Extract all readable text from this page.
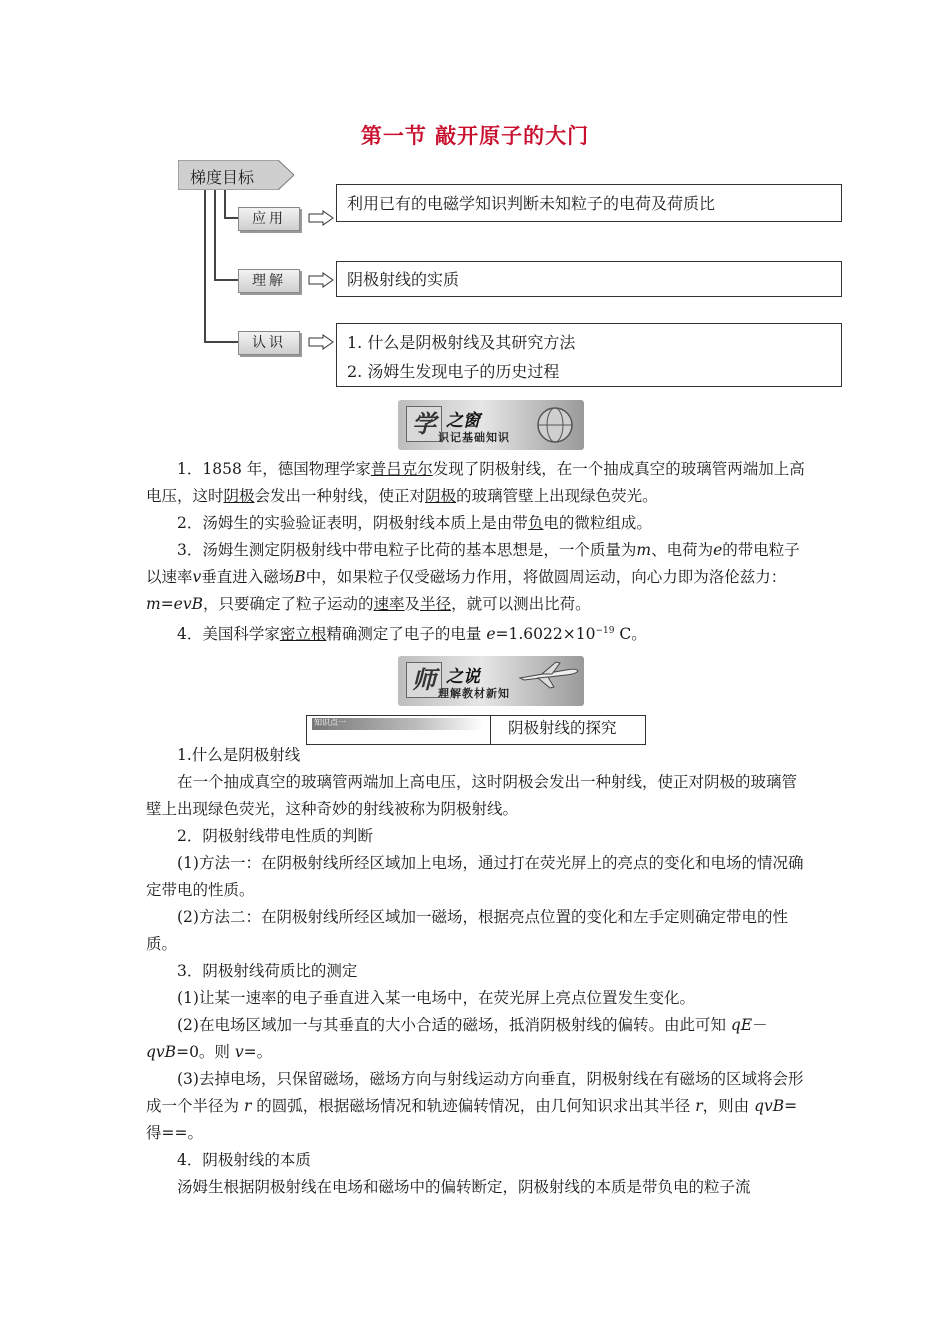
第一节 敲开原子的大门
梯度目标
应用
理解
认识
利用已有的电磁学知识判断未知粒子的电荷及荷质比
阴极射线的实质
1. 什么是阴极射线及其研究方法
2. 汤姆生发现电子的历史过程
学 之窗
识记基础知识

1．1858 年，德国物理学家普吕克尔发现了阴极射线，在一个抽成真空的玻璃管两端加上高电压，这时阴极会发出一种射线，使正对阴极的玻璃管壁上出现绿色荧光。

2．汤姆生的实验验证表明，阴极射线本质上是由带负电的微粒组成。

3．汤姆生测定阴极射线中带电粒子比荷的基本思想是，一个质量为m、电荷为e的带电粒子以速率v垂直进入磁场B中，如果粒子仅受磁场力作用，将做圆周运动，向心力即为洛伦兹力：m=evB，只要确定了粒子运动的速率及半径，就可以测出比荷。

4．美国科学家密立根精确测定了电子的电量 $e=1.6022\times 10^{-19}$ C。

师 之说
理解教材新知
知识点一	阴极射线的探究

1.什么是阴极射线

在一个抽成真空的玻璃管两端加上高电压，这时阴极会发出一种射线，使正对阴极的玻璃管壁上出现绿色荧光，这种奇妙的射线被称为阴极射线。

2．阴极射线带电性质的判断

(1)方法一：在阴极射线所经区域加上电场，通过打在荧光屏上的亮点的变化和电场的情况确定带电的性质。

(2)方法二：在阴极射线所经区域加一磁场，根据亮点位置的变化和左手定则确定带电的性质。

3．阴极射线荷质比的测定

(1)让某一速率的电子垂直进入某一电场中，在荧光屏上亮点位置发生变化。

(2)在电场区域加一与其垂直的大小合适的磁场，抵消阴极射线的偏转。由此可知 qE－qvB=0。则 v=。

(3)去掉电场，只保留磁场，磁场方向与射线运动方向垂直，阴极射线在有磁场的区域将会形成一个半径为 r 的圆弧，根据磁场情况和轨迹偏转情况，由几何知识求出其半径 r，则由 qvB=得==。

4．阴极射线的本质

汤姆生根据阴极射线在电场和磁场中的偏转断定，阴极射线的本质是带负电的粒子流
